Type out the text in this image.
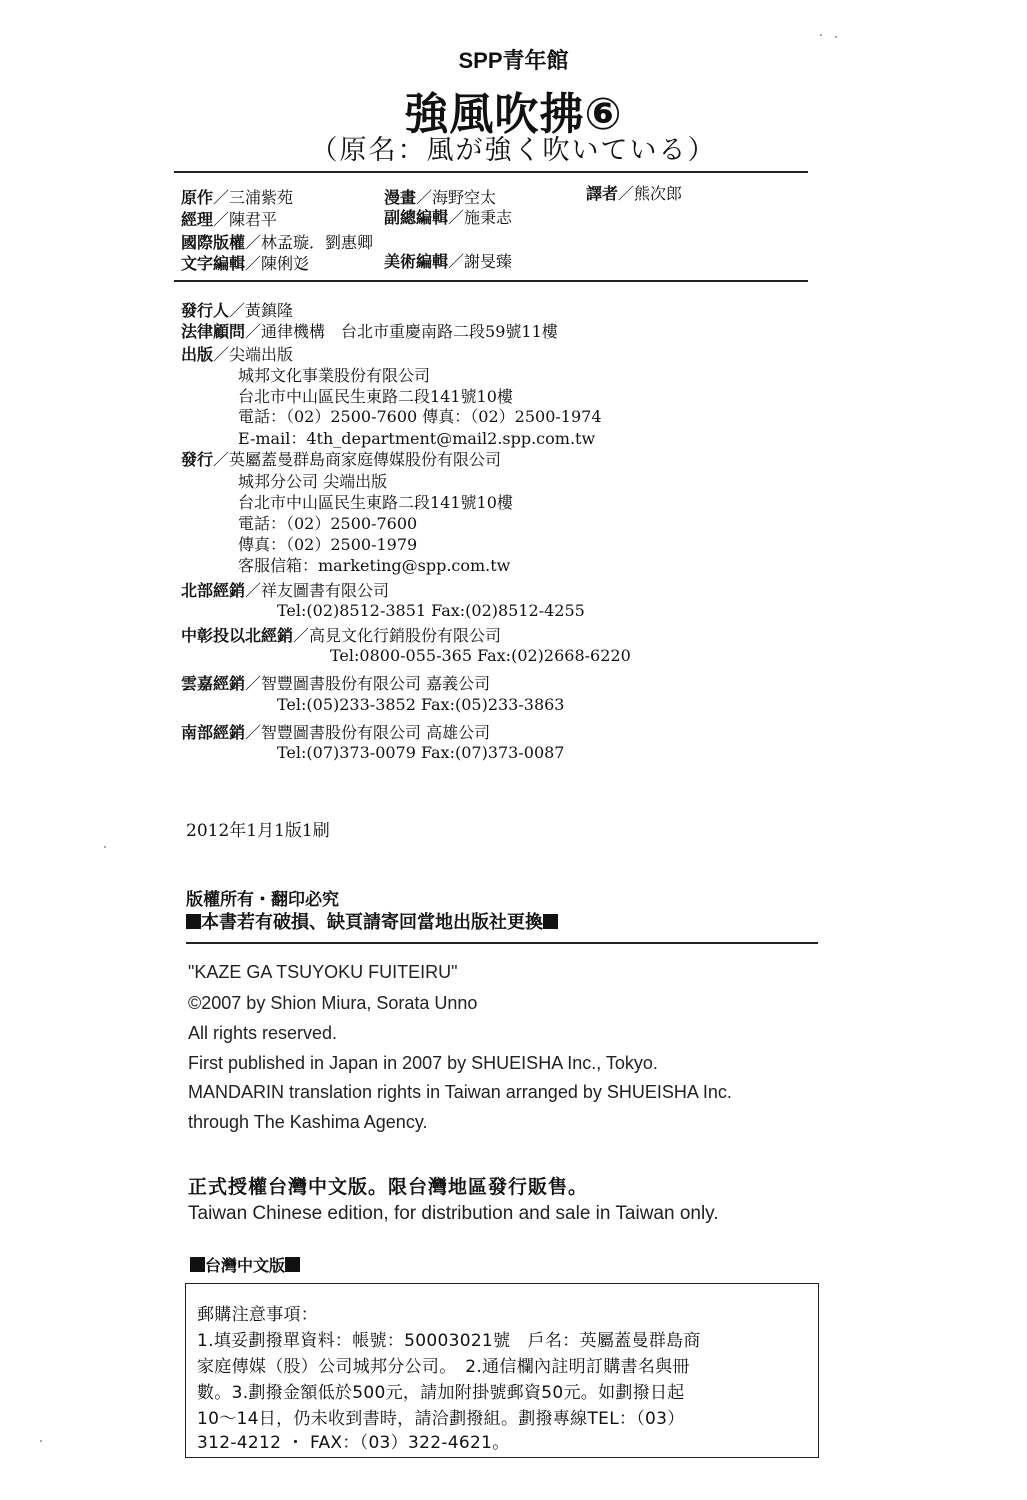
SPP青年館
強風吹拂⑥
（原名：風が強く吹いている）
原作／三浦紫苑	漫畫／海野空太	譯者／熊次郎
經理／陳君平	副總編輯／施秉志
國際版權／林孟璇．劉惠卿
文字編輯／陳俐彣	美術編輯／謝旻臻
發行人／黃鎮隆
法律顧問／通律機構　台北市重慶南路二段59號11樓
出版／尖端出版
城邦文化事業股份有限公司
台北市中山區民生東路二段141號10樓
電話：（02）2500-7600 傳真：（02）2500-1974
E-mail：4th_department@mail2.spp.com.tw
發行／英屬蓋曼群島商家庭傳媒股份有限公司
城邦分公司 尖端出版
台北市中山區民生東路二段141號10樓
電話：（02）2500-7600
傳真：（02）2500-1979
客服信箱：marketing@spp.com.tw
北部經銷／祥友圖書有限公司
Tel:(02)8512-3851 Fax:(02)8512-4255
中彰投以北經銷／高見文化行銷股份有限公司
Tel:0800-055-365 Fax:(02)2668-6220
雲嘉經銷／智豐圖書股份有限公司 嘉義公司
Tel:(05)233-3852 Fax:(05)233-3863
南部經銷／智豐圖書股份有限公司 高雄公司
Tel:(07)373-0079 Fax:(07)373-0087
2012年1月1版1刷
版權所有・翻印必究
本書若有破損、缺頁請寄回當地出版社更換
"KAZE GA TSUYOKU FUITEIRU"
©2007 by Shion Miura, Sorata Unno
All rights reserved.
First published in Japan in 2007 by SHUEISHA Inc., Tokyo.
MANDARIN translation rights in Taiwan arranged by SHUEISHA Inc.
through The Kashima Agency.
正式授權台灣中文版。限台灣地區發行販售。
Taiwan Chinese edition, for distribution and sale in Taiwan only.
台灣中文版
郵購注意事項：
1.填妥劃撥單資料：帳號：50003021號　戶名：英屬蓋曼群島商
家庭傳媒（股）公司城邦分公司。　2.通信欄內註明訂購書名與冊
數。3.劃撥金額低於500元，請加附掛號郵資50元。如劃撥日起
10～14日，仍未收到書時，請洽劃撥組。劃撥專線TEL：（03）
312-4212 ・ FAX：（03）322-4621。
